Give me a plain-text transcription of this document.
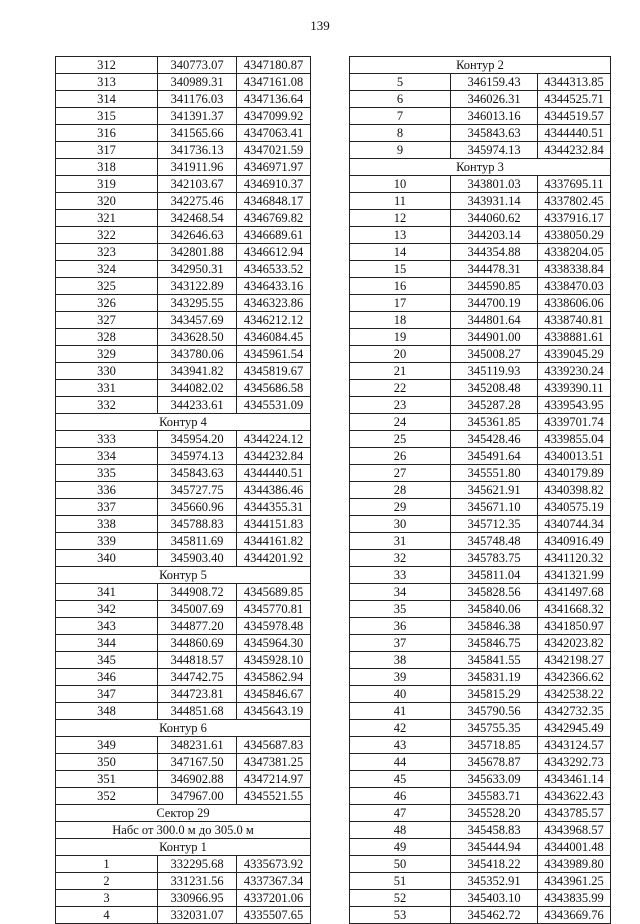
139
312	340773.07	4347180.87
313	340989.31	4347161.08
314	341176.03	4347136.64
315	341391.37	4347099.92
316	341565.66	4347063.41
317	341736.13	4347021.59
318	341911.96	4346971.97
319	342103.67	4346910.37
320	342275.46	4346848.17
321	342468.54	4346769.82
322	342646.63	4346689.61
323	342801.88	4346612.94
324	342950.31	4346533.52
325	343122.89	4346433.16
326	343295.55	4346323.86
327	343457.69	4346212.12
328	343628.50	4346084.45
329	343780.06	4345961.54
330	343941.82	4345819.67
331	344082.02	4345686.58
332	344233.61	4345531.09
Контур 4		
333	345954.20	4344224.12
334	345974.13	4344232.84
335	345843.63	4344440.51
336	345727.75	4344386.46
337	345660.96	4344355.31
338	345788.83	4344151.83
339	345811.69	4344161.82
340	345903.40	4344201.92
Контур 5		
341	344908.72	4345689.85
342	345007.69	4345770.81
343	344877.20	4345978.48
344	344860.69	4345964.30
345	344818.57	4345928.10
346	344742.75	4345862.94
347	344723.81	4345846.67
348	344851.68	4345643.19
Контур 6		
349	348231.61	4345687.83
350	347167.50	4347381.25
351	346902.88	4347214.97
352	347967.00	4345521.55
Сектор 29		
Набс от 300.0 м до 305.0 м		
Контур 1		
1	332295.68	4335673.92
2	331231.56	4337367.34
3	330966.95	4337201.06
4	332031.07	4335507.65
Контур 2		
5	346159.43	4344313.85
6	346026.31	4344525.71
7	346013.16	4344519.57
8	345843.63	4344440.51
9	345974.13	4344232.84
Контур 3		
10	343801.03	4337695.11
11	343931.14	4337802.45
12	344060.62	4337916.17
13	344203.14	4338050.29
14	344354.88	4338204.05
15	344478.31	4338338.84
16	344590.85	4338470.03
17	344700.19	4338606.06
18	344801.64	4338740.81
19	344901.00	4338881.61
20	345008.27	4339045.29
21	345119.93	4339230.24
22	345208.48	4339390.11
23	345287.28	4339543.95
24	345361.85	4339701.74
25	345428.46	4339855.04
26	345491.64	4340013.51
27	345551.80	4340179.89
28	345621.91	4340398.82
29	345671.10	4340575.19
30	345712.35	4340744.34
31	345748.48	4340916.49
32	345783.75	4341120.32
33	345811.04	4341321.99
34	345828.56	4341497.68
35	345840.06	4341668.32
36	345846.38	4341850.97
37	345846.75	4342023.82
38	345841.55	4342198.27
39	345831.19	4342366.62
40	345815.29	4342538.22
41	345790.56	4342732.35
42	345755.35	4342945.49
43	345718.85	4343124.57
44	345678.87	4343292.73
45	345633.09	4343461.14
46	345583.71	4343622.43
47	345528.20	4343785.57
48	345458.83	4343968.57
49	345444.94	4344001.48
50	345418.22	4343989.80
51	345352.91	4343961.25
52	345403.10	4343835.99
53	345462.72	4343669.76
